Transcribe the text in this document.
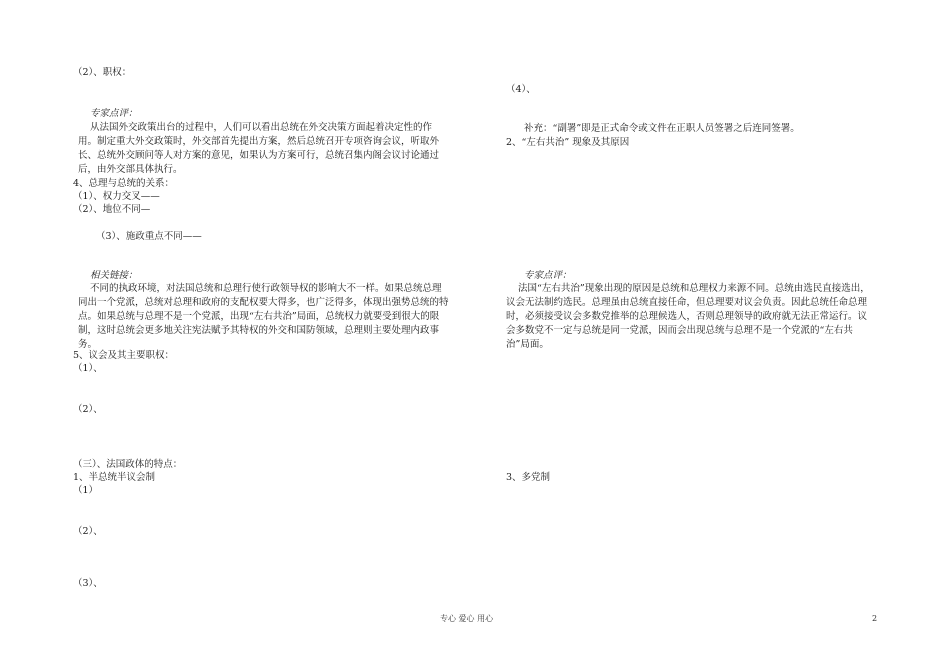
（2）、职权：
专家点评：
从法国外交政策出台的过程中，人们可以看出总统在外交决策方面起着决定性的作用。制定重大外交政策时，外交部首先提出方案，然后总统召开专项咨询会议，听取外长、总统外交顾问等人对方案的意见，如果认为方案可行，总统召集内阁会议讨论通过后，由外交部具体执行。
4、总理与总统的关系：
（1）、权力交叉——
（2）、地位不同—
（3）、施政重点不同——
相关链接：
不同的执政环境，对法国总统和总理行使行政领导权的影响大不一样。如果总统总理同出一个党派，总统对总理和政府的支配权要大得多，也广泛得多，体现出强势总统的特点。如果总统与总理不是一个党派，出现“左右共治”局面，总统权力就要受到很大的限制，这时总统会更多地关注宪法赋予其特权的外交和国防领域，总理则主要处理内政事务。
5、议会及其主要职权：
（1）、
（2）、
（三）、法国政体的特点：
1、半总统半议会制
（1）
（2）、
（3）、
（4）、
补充：“副署”即是正式命令或文件在正职人员签署之后连同签署。
2、“左右共治” 现象及其原因
专家点评：
法国“左右共治”现象出现的原因是总统和总理权力来源不同。总统由选民直接选出，议会无法制约选民。总理虽由总统直接任命，但总理要对议会负责。因此总统任命总理时，必须接受议会多数党推举的总理候选人，否则总理领导的政府就无法正常运行。议会多数党不一定与总统是同一党派，因而会出现总统与总理不是一个党派的“左右共治”局面。
3、多党制
专心 爱心 用心	2
